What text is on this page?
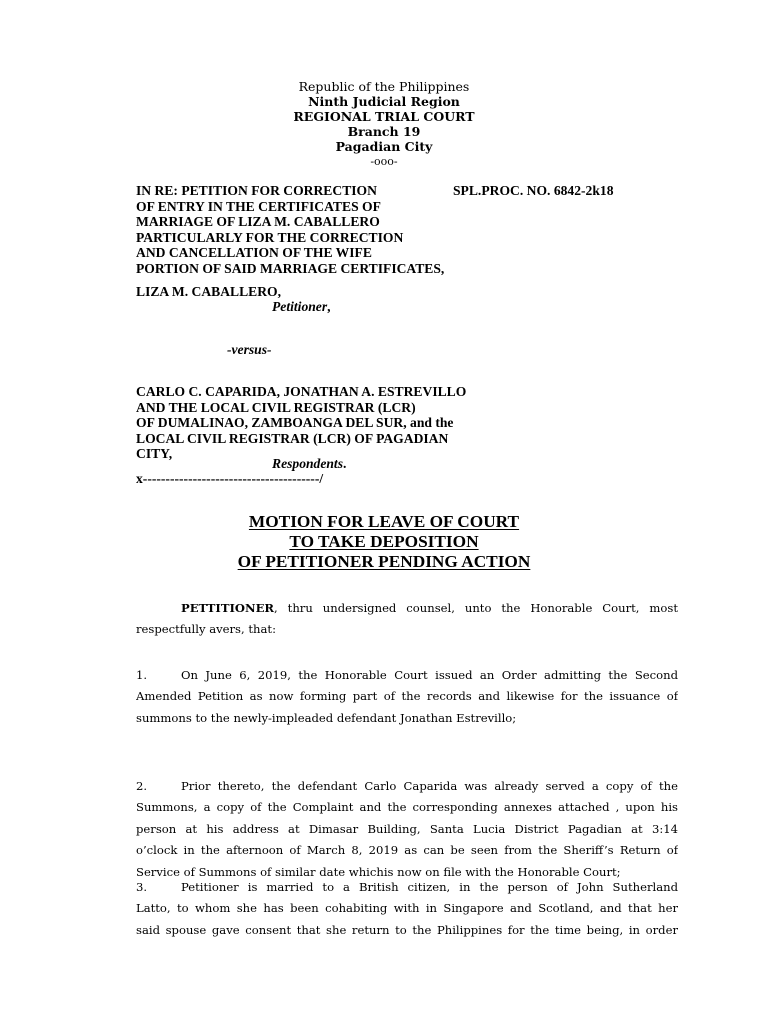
Republic of the Philippines
Ninth Judicial Region
REGIONAL TRIAL COURT
Branch 19
Pagadian City
-ooo-
IN RE: PETITION FOR CORRECTION
OF ENTRY IN THE CERTIFICATES OF
MARRIAGE OF LIZA M. CABALLERO
PARTICULARLY FOR THE CORRECTION
AND CANCELLATION OF THE WIFE
PORTION OF SAID MARRIAGE CERTIFICATES,
SPL.PROC. NO. 6842-2k18
LIZA M. CABALLERO,
Petitioner,
-versus-
CARLO C. CAPARIDA, JONATHAN A. ESTREVILLO
AND THE LOCAL CIVIL REGISTRAR (LCR)
OF DUMALINAO, ZAMBOANGA DEL SUR, and the
LOCAL CIVIL REGISTRAR (LCR) OF PAGADIAN
CITY,
Respondents.
x---------------------------------------/
MOTION FOR LEAVE OF COURT
TO TAKE DEPOSITION
OF PETITIONER PENDING ACTION
PETTITIONER, thru undersigned counsel, unto the Honorable Court, most
respectfully avers, that:
1.	On June 6, 2019, the Honorable Court issued an Order admitting the Second
Amended Petition as now forming part of the records and likewise for the issuance of
summons to the newly-impleaded defendant Jonathan Estrevillo;
2.	Prior thereto, the defendant Carlo Caparida was already served a copy of the
Summons, a copy of the Complaint and the corresponding annexes attached , upon his
person at his address at Dimasar Building, Santa Lucia District Pagadian at 3:14
o’clock in the afternoon of March 8, 2019 as can be seen from the Sheriff’s Return of
Service of Summons of similar date whichis now on file with the Honorable Court;
3.	Petitioner is married to a British citizen, in the person of John Sutherland
Latto, to whom she has been cohabiting with in Singapore and Scotland, and that her
said spouse gave consent that she return to the Philippines for the time being, in order
